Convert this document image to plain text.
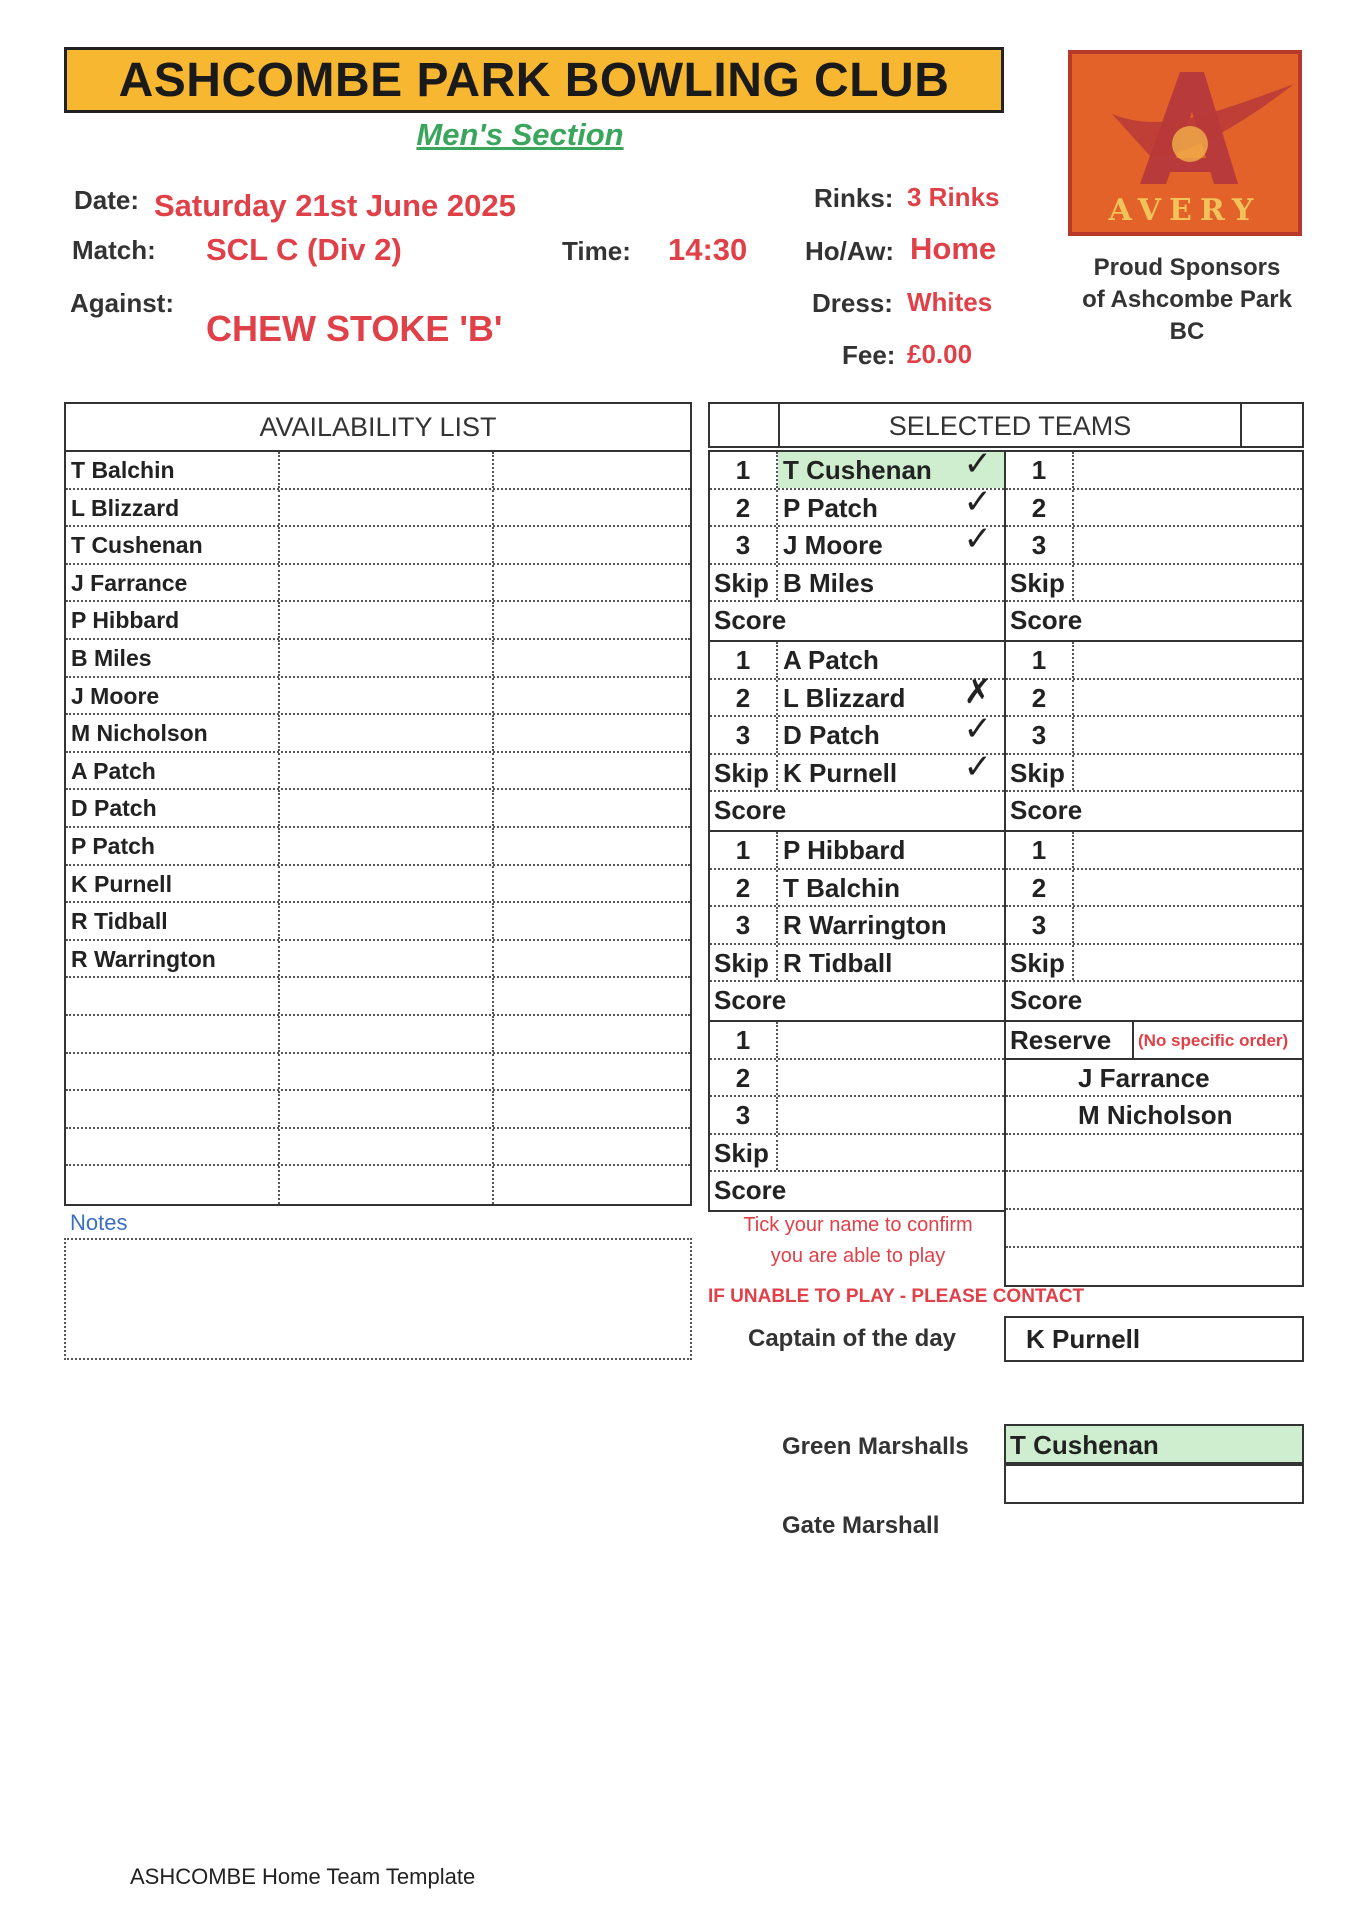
ASHCOMBE PARK BOWLING CLUB
Men's Section
Date: Saturday 21st June 2025
Match: SCL C (Div 2)	Time: 14:30
Against:
CHEW STOKE 'B'
Rinks: 3 Rinks
Ho/Aw: Home
Dress: Whites
Fee: £0.00
AVERY
Proud Sponsors
of Ashcombe Park
BC
AVAILABILITY LIST
T Balchin
L Blizzard
T Cushenan
J Farrance
P Hibbard
B Miles
J Moore
M Nicholson
A Patch
D Patch
P Patch
K Purnell
R Tidball
R Warrington
Notes
SELECTED TEAMS
1	T Cushenan ✓
2	P Patch	✓
3	J Moore ✓
Skip B Miles
Score
1
2
3
Skip
Score
1	A Patch
2	L Blizzard ✗
3	D Patch ✓
Skip K Purnell ✓
Score
1
2
3
Skip
Score
1	P Hibbard
2	T Balchin
3	R Warrington
Skip R Tidball
Score
1
2
3
Skip
Score
1
2
3
Skip
Score
Reserve	(No specific order)
J Farrance
M Nicholson
Tick your name to confirm
you are able to play
IF UNABLE TO PLAY - PLEASE CONTACT
Captain of the day	K Purnell
Green Marshalls T Cushenan
Gate Marshall
ASHCOMBE Home Team Template
